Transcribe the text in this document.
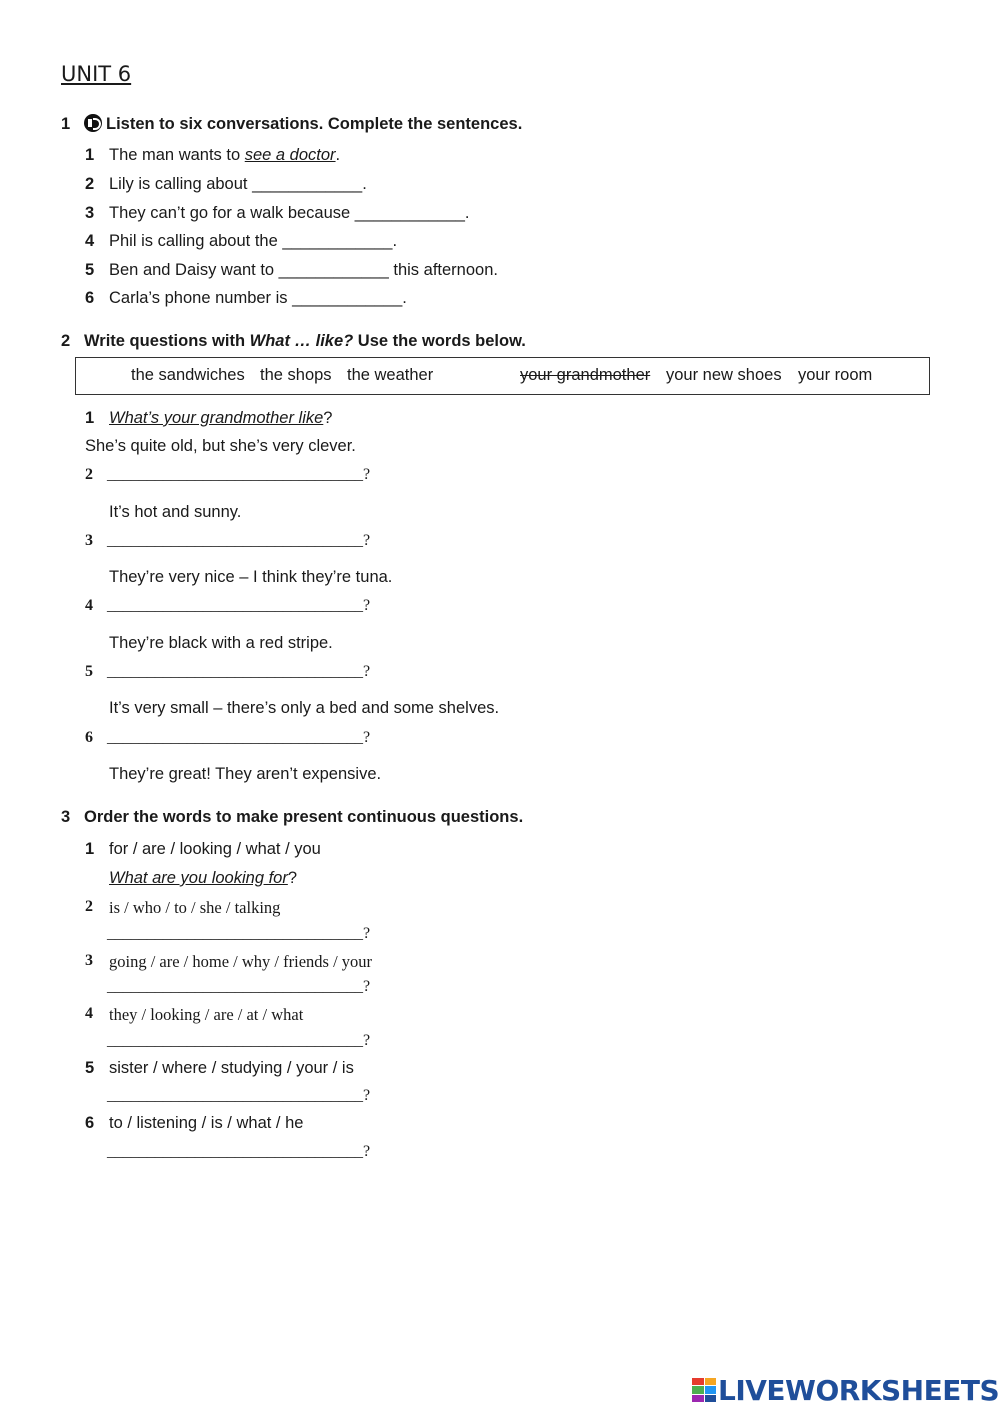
UNIT 6
1 Listen to six conversations. Complete the sentences.
1 The man wants to see a doctor.
2 Lily is calling about ____________.
3 They can’t go for a walk because ____________.
4 Phil is calling about the ____________.
5 Ben and Daisy want to ____________ this afternoon.
6 Carla’s phone number is ____________.
2 Write questions with What … like? Use the words below.
the sandwiches the shops the weather	your grandmother your new shoes your room
1 What’s your grandmother like?
She’s quite old, but she’s very clever.
2 ________________________________?
It’s hot and sunny.
3 ________________________________?
They’re very nice – I think they’re tuna.
4 ________________________________?
They’re black with a red stripe.
5 ________________________________?
It’s very small – there’s only a bed and some shelves.
6 ________________________________?
They’re great! They aren’t expensive.
3 Order the words to make present continuous questions.
1 for / are / looking / what / you
What are you looking for?
2 is / who / to / she / talking
________________________________?
3 going / are / home / why / friends / your
________________________________?
4 they / looking / are / at / what
________________________________?
5 sister / where / studying / your / is
________________________________?
6 to / listening / is / what / he
________________________________?
LIVEWORKSHEETS
